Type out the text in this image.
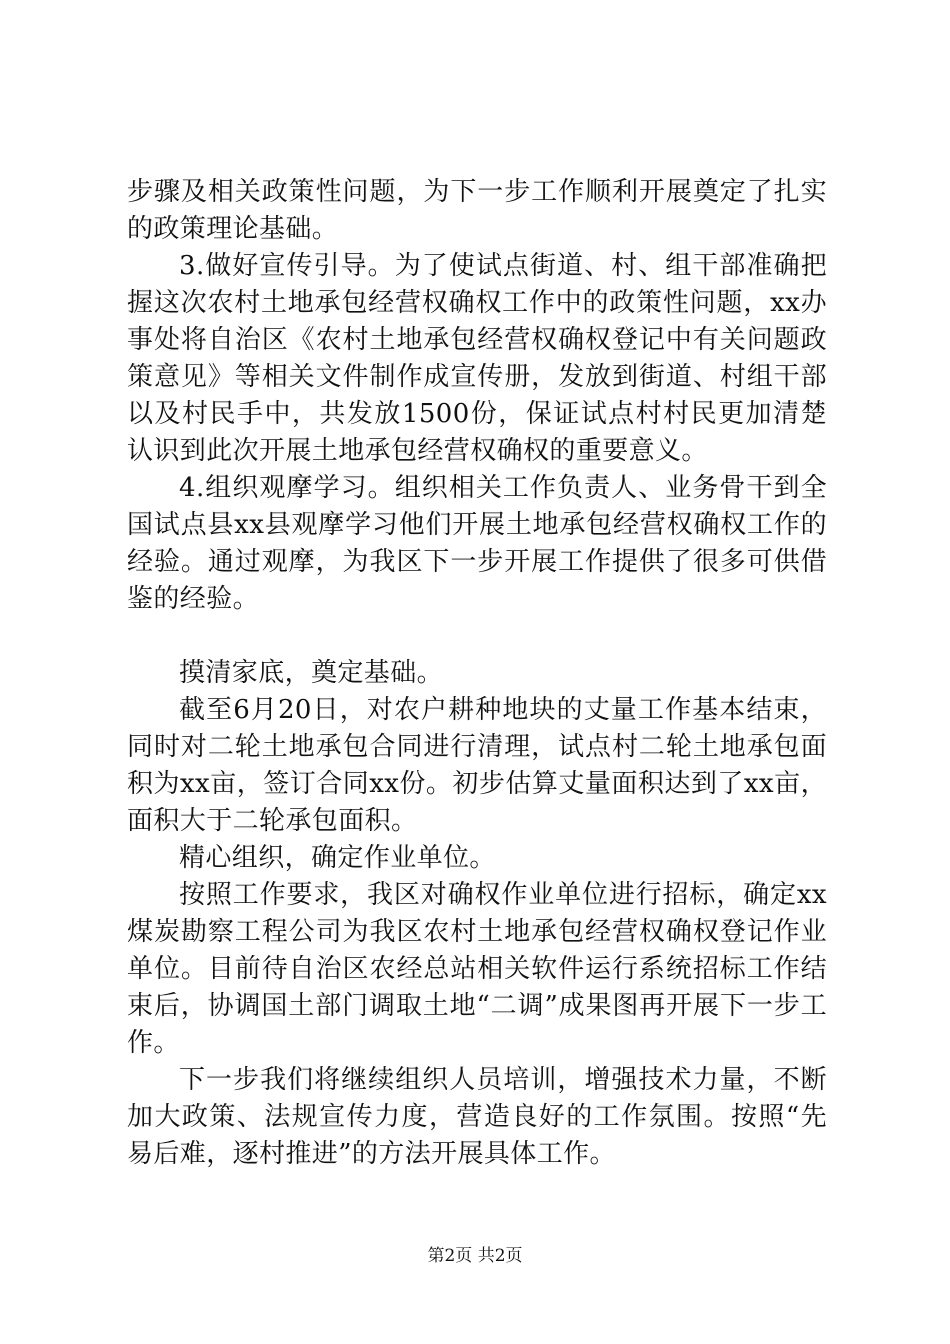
步骤及相关政策性问题，为下一步工作顺利开展奠定了扎实的政策理论基础。

3.做好宣传引导。为了使试点街道、村、组干部准确把握这次农村土地承包经营权确权工作中的政策性问题，xx办事处将自治区《农村土地承包经营权确权登记中有关问题政策意见》等相关文件制作成宣传册，发放到街道、村组干部以及村民手中，共发放1500份，保证试点村村民更加清楚认识到此次开展土地承包经营权确权的重要意义。

4.组织观摩学习。组织相关工作负责人、业务骨干到全国试点县xx县观摩学习他们开展土地承包经营权确权工作的经验。通过观摩，为我区下一步开展工作提供了很多可供借鉴的经验。

摸清家底，奠定基础。

截至6月20日，对农户耕种地块的丈量工作基本结束，同时对二轮土地承包合同进行清理，试点村二轮土地承包面积为xx亩，签订合同xx份。初步估算丈量面积达到了xx亩，面积大于二轮承包面积。

精心组织，确定作业单位。

按照工作要求，我区对确权作业单位进行招标，确定xx煤炭勘察工程公司为我区农村土地承包经营权确权登记作业单位。目前待自治区农经总站相关软件运行系统招标工作结束后，协调国土部门调取土地“二调”成果图再开展下一步工作。

下一步我们将继续组织人员培训，增强技术力量，不断加大政策、法规宣传力度，营造良好的工作氛围。按照“先易后难，逐村推进”的方法开展具体工作。

第2页 共2页
